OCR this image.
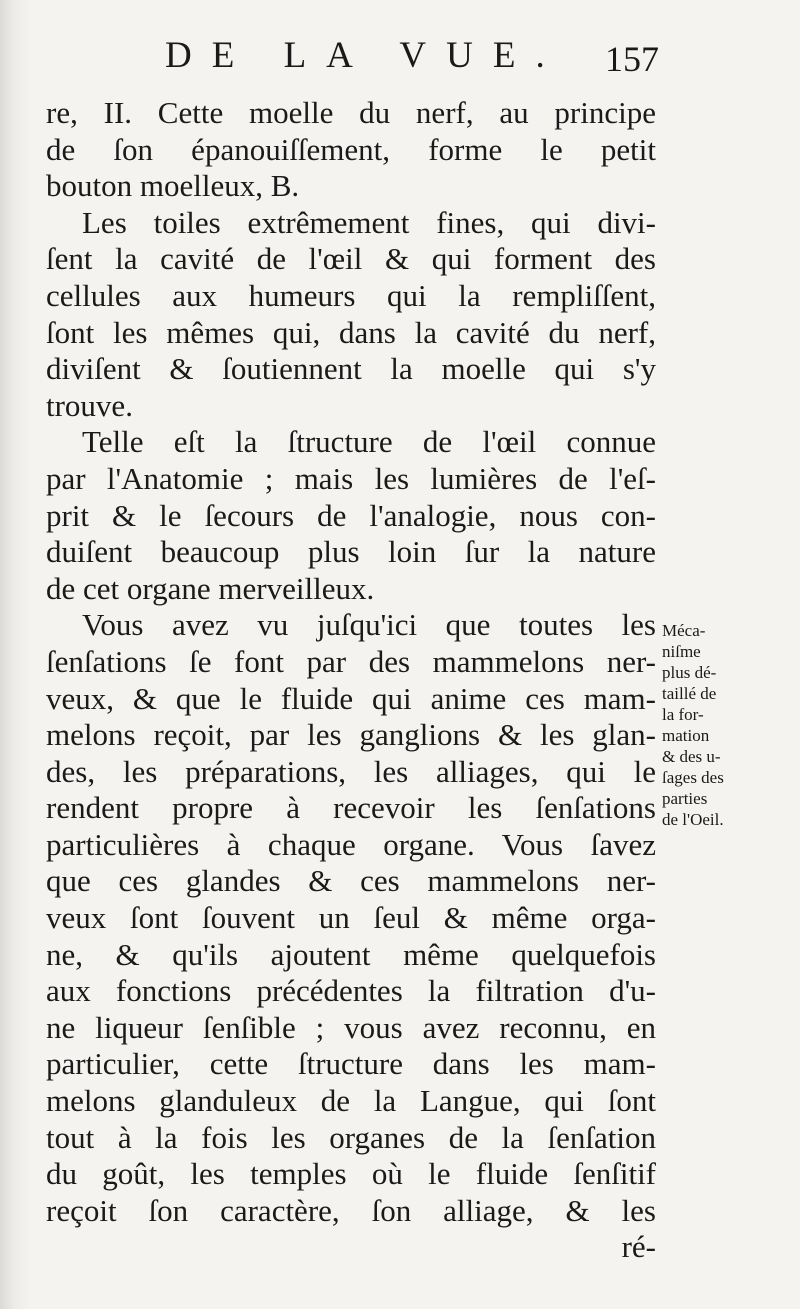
DE LA VUE. 157
re, II. Cette moelle du nerf, au principe
de ſon épanouiſſement, forme le petit
bouton moelleux, B.
Les toiles extrêmement fines, qui divi-
ſent la cavité de l'œil & qui forment des
cellules aux humeurs qui la rempliſſent,
ſont les mêmes qui, dans la cavité du nerf,
diviſent & ſoutiennent la moelle qui s'y
trouve.
Telle eſt la ſtructure de l'œil connue
par l'Anatomie ; mais les lumières de l'eſ-
prit & le ſecours de l'analogie, nous con-
duiſent beaucoup plus loin ſur la nature
de cet organe merveilleux.
Vous avez vu juſqu'ici que toutes les
ſenſations ſe font par des mammelons ner-
veux, & que le fluide qui anime ces mam-
melons reçoit, par les ganglions & les glan-
des, les préparations, les alliages, qui le
rendent propre à recevoir les ſenſations
particulières à chaque organe. Vous ſavez
que ces glandes & ces mammelons ner-
veux ſont ſouvent un ſeul & même orga-
ne, & qu'ils ajoutent même quelquefois
aux fonctions précédentes la filtration d'u-
ne liqueur ſenſible ; vous avez reconnu, en
particulier, cette ſtructure dans les mam-
melons glanduleux de la Langue, qui ſont
tout à la fois les organes de la ſenſation
du goût, les temples où le fluide ſenſitif
reçoit ſon caractère, ſon alliage, & les
ré-
Méca-
niſme
plus dé-
taillé de
la for-
mation
& des u-
ſages des
parties
de l'Oeil.
